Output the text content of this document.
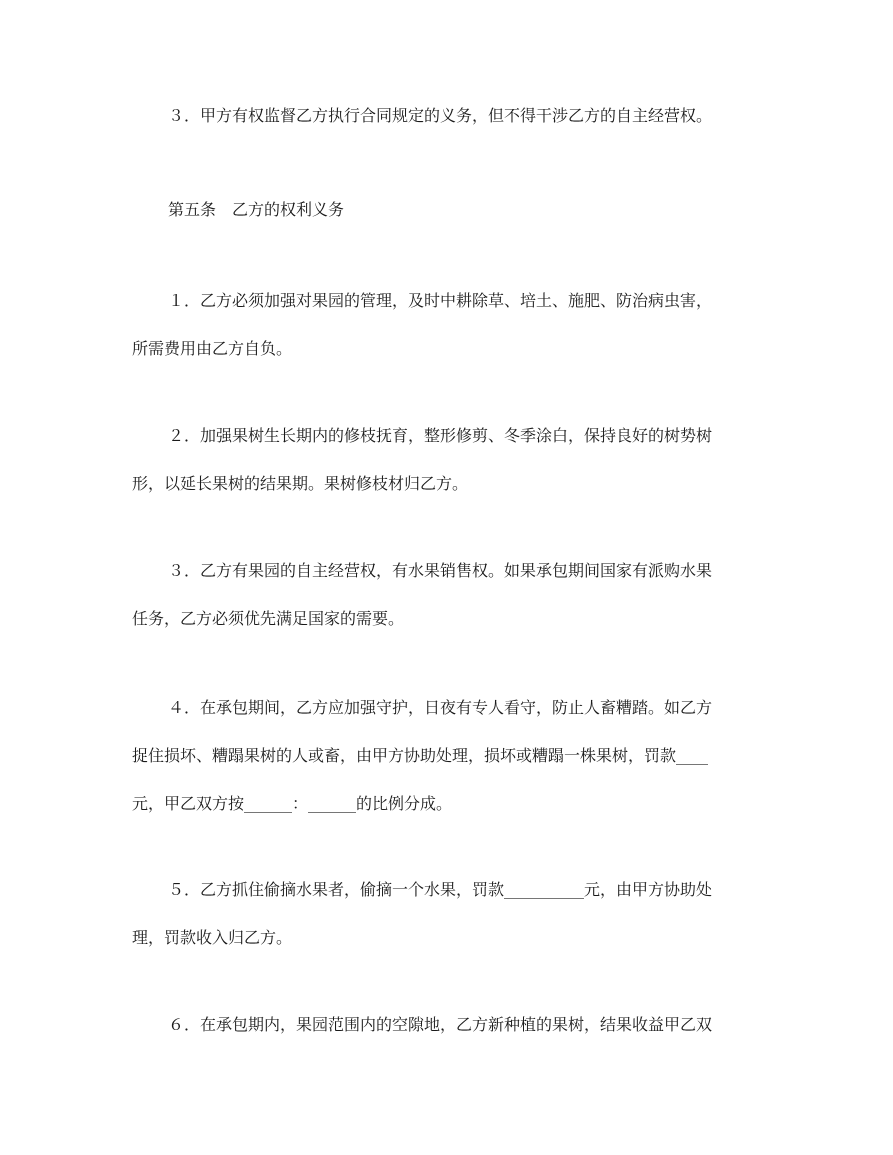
３．甲方有权监督乙方执行合同规定的义务，但不得干涉乙方的自主经营权。
第五条　乙方的权利义务
１．乙方必须加强对果园的管理，及时中耕除草、培土、施肥、防治病虫害，
所需费用由乙方自负。
２．加强果树生长期内的修枝抚育，整形修剪、冬季涂白，保持良好的树势树
形，以延长果树的结果期。果树修枝材归乙方。
３．乙方有果园的自主经营权，有水果销售权。如果承包期间国家有派购水果
任务，乙方必须优先满足国家的需要。
４．在承包期间，乙方应加强守护，日夜有专人看守，防止人畜糟踏。如乙方
捉住损坏、糟蹋果树的人或畜，由甲方协助处理，损坏或糟蹋一株果树，罚款____
元，甲乙双方按______：______的比例分成。
５．乙方抓住偷摘水果者，偷摘一个水果，罚款__________元，由甲方协助处
理，罚款收入归乙方。
６．在承包期内，果园范围内的空隙地，乙方新种植的果树，结果收益甲乙双
